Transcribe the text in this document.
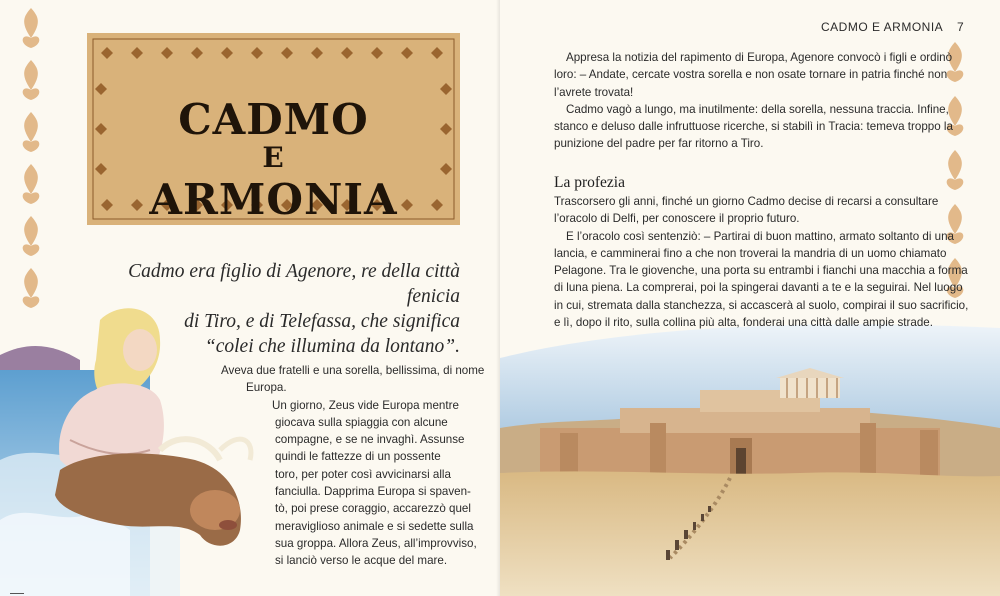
CADMO
E
ARMONIA
Cadmo era figlio di Agenore, re della città fenicia
di Tiro, e di Telefassa, che significa
“colei che illumina da lontano”.
Aveva due fratelli e una sorella, bellissima, di nome
Europa.
Un giorno, Zeus vide Europa mentre
giocava sulla spiaggia con alcune
compagne, e se ne invaghì. Assunse
quindi le fattezze di un possente
toro, per poter così avvicinarsi alla
fanciulla. Dapprima Europa si spaven-
tò, poi prese coraggio, accarezzò quel
meraviglioso animale e si sedette sulla
sua groppa. Allora Zeus, all’improvviso,
si lanciò verso le acque del mare.
CADMO E ARMONIA 7
Appresa la notizia del rapimento di Europa, Agenore convocò i figli e ordinò
loro: – Andate, cercate vostra sorella e non osate tornare in patria finché non
l’avrete trovata!
Cadmo vagò a lungo, ma inutilmente: della sorella, nessuna traccia. Infine,
stanco e deluso dalle infruttuose ricerche, si stabilì in Tracia: temeva troppo la
punizione del padre per far ritorno a Tiro.
La profezia
Trascorsero gli anni, finché un giorno Cadmo decise di recarsi a consultare
l’oracolo di Delfi, per conoscere il proprio futuro.
E l’oracolo così sentenziò: – Partirai di buon mattino, armato soltanto di una
lancia, e camminerai fino a che non troverai la mandria di un uomo chiamato
Pelagone. Tra le giovenche, una porta su entrambi i fianchi una macchia a forma
di luna piena. La comprerai, poi la spingerai davanti a te e la seguirai. Nel luogo
in cui, stremata dalla stanchezza, si accascerà al suolo, compirai il suo sacrificio,
e lì, dopo il rito, sulla collina più alta, fonderai una città dalle ampie strade.
